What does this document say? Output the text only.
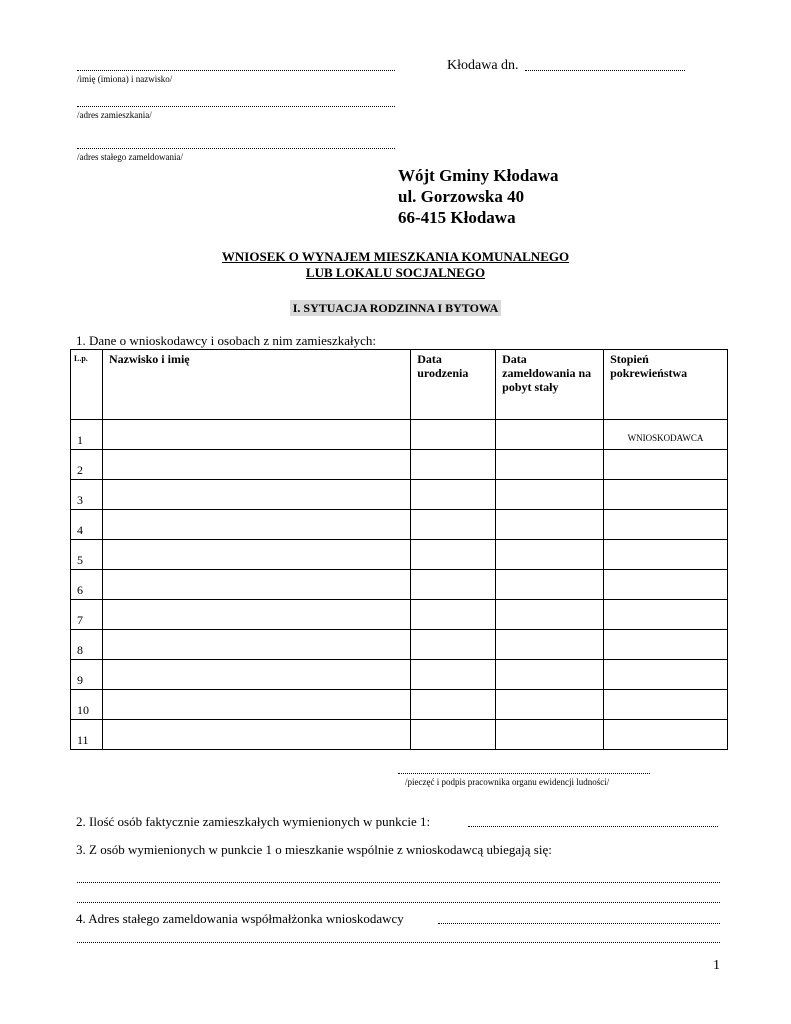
/imię (imiona) i nazwisko/
/adres zamieszkania/
/adres stałego zameldowania/
Kłodawa dn.
Wójt Gminy Kłodawa
ul. Gorzowska 40
66-415 Kłodawa
WNIOSEK O WYNAJEM MIESZKANIA KOMUNALNEGO
LUB LOKALU SOCJALNEGO
I. SYTUACJA RODZINNA I BYTOWA
1. Dane o wnioskodawcy i osobach z nim zamieszkałych:
L.p.	Nazwisko i imię	Data urodzenia	Data zameldowania na pobyt stały	Stopień pokrewieństwa
1				WNIOSKODAWCA
2				
3				
4				
5				
6				
7				
8				
9				
10				
11				
/pieczęć i podpis pracownika organu ewidencji ludności/
2. Ilość osób faktycznie zamieszkałych wymienionych w punkcie 1:
3. Z osób wymienionych w punkcie 1 o mieszkanie wspólnie z wnioskodawcą ubiegają się:
4. Adres stałego zameldowania współmałżonka wnioskodawcy
1
